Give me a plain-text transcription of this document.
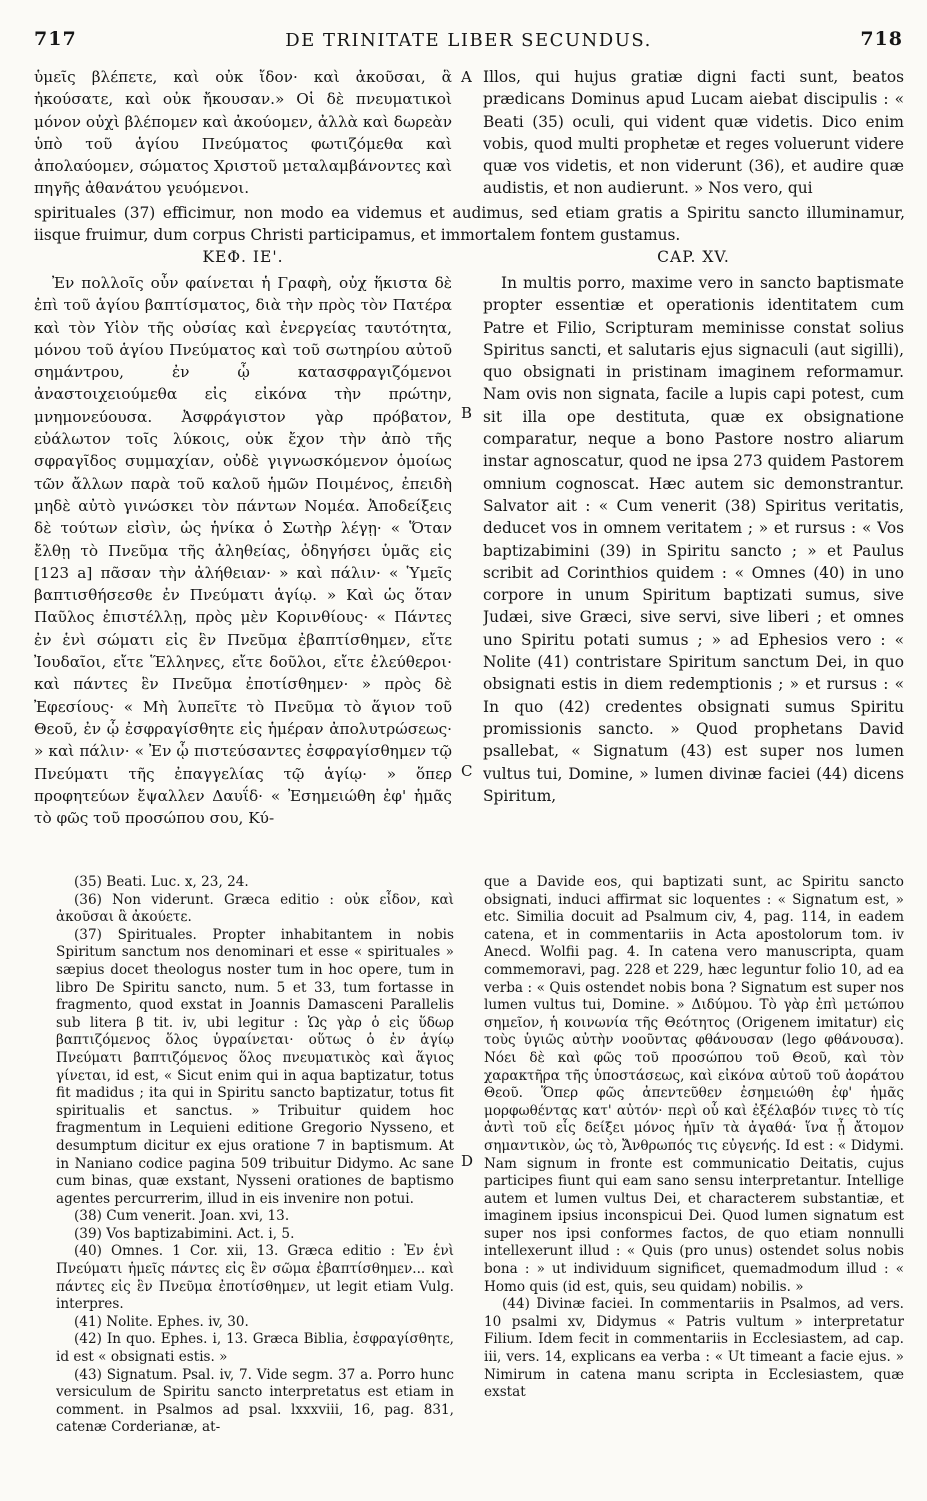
717	DE TRINITATE LIBER SECUNDUS.	718

ὑμεῖς βλέπετε, καὶ οὐκ ἴδον· καὶ ἀκοῦσαι, ἃ ἠκούσατε, καὶ οὐκ ἤκουσαν.» Οἱ δὲ πνευματικοὶ μόνον οὐχὶ βλέπομεν καὶ ἀκούομεν, ἀλλὰ καὶ δωρεὰν ὑπὸ τοῦ ἁγίου Πνεύματος φωτιζόμεθα καὶ ἀπολαύομεν, σώματος Χριστοῦ μεταλαμβάνοντες καὶ πηγῆς ἀθανάτου γευόμενοι.

Illos, qui hujus gratiæ digni facti sunt, beatos prædicans Dominus apud Lucam aiebat discipulis : « Beati (35) oculi, qui vident quæ videtis. Dico enim vobis, quod multi prophetæ et reges voluerunt videre quæ vos videtis, et non viderunt (36), et audire quæ audistis, et non audierunt. » Nos vero, qui

spirituales (37) efficimur, non modo ea videmus et audimus, sed etiam gratis a Spiritu sancto illuminamur, iisque fruimur, dum corpus Christi participamus, et immortalem fontem gustamus.
ΚΕΦ. ΙΕ'.	CAP. XV.

Ἐν πολλοῖς οὖν φαίνεται ἡ Γραφὴ, οὐχ ἥκιστα δὲ ἐπὶ τοῦ ἁγίου βαπτίσματος, διὰ τὴν πρὸς τὸν Πατέρα καὶ τὸν Υἱὸν τῆς οὐσίας καὶ ἐνεργείας ταυτότητα, μόνου τοῦ ἁγίου Πνεύματος καὶ τοῦ σωτηρίου αὐτοῦ σημάντρου, ἐν ᾧ κατασφραγιζόμενοι ἀναστοιχειούμεθα εἰς εἰκόνα τὴν πρώτην, μνημονεύουσα. Ἀσφράγιστον γὰρ πρόβατον, εὐάλωτον τοῖς λύκοις, οὐκ ἔχον τὴν ἀπὸ τῆς σφραγῖδος συμμαχίαν, οὐδὲ γιγνωσκόμενον ὁμοίως τῶν ἄλλων παρὰ τοῦ καλοῦ ἡμῶν Ποιμένος, ἐπειδὴ μηδὲ αὐτὸ γινώσκει τὸν πάντων Νομέα. Ἀποδείξεις δὲ τούτων εἰσὶν, ὡς ἡνίκα ὁ Σωτὴρ λέγῃ· « Ὅταν ἔλθῃ τὸ Πνεῦμα τῆς ἀληθείας, ὁδηγήσει ὑμᾶς εἰς [123 a] πᾶσαν τὴν ἀλήθειαν· » καὶ πάλιν· « Ὑμεῖς βαπτισθήσεσθε ἐν Πνεύματι ἁγίῳ. » Καὶ ὡς ὅταν Παῦλος ἐπιστέλλῃ, πρὸς μὲν Κορινθίους· « Πάντες ἐν ἑνὶ σώματι εἰς ἓν Πνεῦμα ἐβαπτίσθημεν, εἴτε Ἰουδαῖοι, εἴτε Ἕλληνες, εἴτε δοῦλοι, εἴτε ἐλεύθεροι· καὶ πάντες ἓν Πνεῦμα ἐποτίσθημεν· » πρὸς δὲ Ἐφεσίους· « Μὴ λυπεῖτε τὸ Πνεῦμα τὸ ἅγιον τοῦ Θεοῦ, ἐν ᾧ ἐσφραγίσθητε εἰς ἡμέραν ἀπολυτρώσεως· » καὶ πάλιν· « Ἐν ᾧ πιστεύσαντες ἐσφραγίσθημεν τῷ Πνεύματι τῆς ἐπαγγελίας τῷ ἁγίῳ· » ὅπερ προφητεύων ἔψαλλεν Δαυΐδ· « Ἐσημειώθη ἐφ' ἡμᾶς τὸ φῶς τοῦ προσώπου σου, Κύ-

In multis porro, maxime vero in sancto baptismate propter essentiæ et operationis identitatem cum Patre et Filio, Scripturam meminisse constat solius Spiritus sancti, et salutaris ejus signaculi (aut sigilli), quo obsignati in pristinam imaginem reformamur. Nam ovis non signata, facile a lupis capi potest, cum sit illa ope destituta, quæ ex obsignatione comparatur, neque a bono Pastore nostro aliarum instar agnoscatur, quod ne ipsa 273 quidem Pastorem omnium cognoscat. Hæc autem sic demonstrantur. Salvator ait : « Cum venerit (38) Spiritus veritatis, deducet vos in omnem veritatem ; » et rursus : « Vos baptizabimini (39) in Spiritu sancto ; » et Paulus scribit ad Corinthios quidem : « Omnes (40) in uno corpore in unum Spiritum baptizati sumus, sive Judæi, sive Græci, sive servi, sive liberi ; et omnes uno Spiritu potati sumus ; » ad Ephesios vero : « Nolite (41) contristare Spiritum sanctum Dei, in quo obsignati estis in diem redemptionis ; » et rursus : « In quo (42) credentes obsignati sumus Spiritu promissionis sancto. » Quod prophetans David psallebat, « Signatum (43) est super nos lumen vultus tui, Domine, » lumen divinæ faciei (44) dicens Spiritum,

A
B
C
D

(35) Beati. Luc. x, 23, 24.

(36) Non viderunt. Græca editio : οὐκ εἶδον, καὶ ἀκοῦσαι ἃ ἀκούετε.

(37) Spirituales. Propter inhabitantem in nobis Spiritum sanctum nos denominari et esse « spirituales » sæpius docet theologus noster tum in hoc opere, tum in libro De Spiritu sancto, num. 5 et 33, tum fortasse in fragmento, quod exstat in Joannis Damasceni Parallelis sub litera β tit. iv, ubi legitur : Ὡς γὰρ ὁ εἰς ὕδωρ βαπτιζόμενος ὅλος ὑγραίνεται· οὕτως ὁ ἐν ἁγίῳ Πνεύματι βαπτιζόμενος ὅλος πνευματικὸς καὶ ἅγιος γίνεται, id est, « Sicut enim qui in aqua baptizatur, totus fit madidus ; ita qui in Spiritu sancto baptizatur, totus fit spiritualis et sanctus. » Tribuitur quidem hoc fragmentum in Lequieni editione Gregorio Nysseno, et desumptum dicitur ex ejus oratione 7 in baptismum. At in Naniano codice pagina 509 tribuitur Didymo. Ac sane cum binas, quæ exstant, Nysseni orationes de baptismo agentes percurrerim, illud in eis invenire non potui.

(38) Cum venerit. Joan. xvi, 13.

(39) Vos baptizabimini. Act. i, 5.

(40) Omnes. 1 Cor. xii, 13. Græca editio : Ἐν ἑνὶ Πνεύματι ἡμεῖς πάντες εἰς ἓν σῶμα ἐβαπτίσθημεν... καὶ πάντες εἰς ἓν Πνεῦμα ἐποτίσθημεν, ut legit etiam Vulg. interpres.

(41) Nolite. Ephes. iv, 30.

(42) In quo. Ephes. i, 13. Græca Biblia, ἐσφραγίσθητε, id est « obsignati estis. »

(43) Signatum. Psal. iv, 7. Vide segm. 37 a. Porro hunc versiculum de Spiritu sancto interpretatus est etiam in comment. in Psalmos ad psal. lxxxviii, 16, pag. 831, catenæ Corderianæ, at-

que a Davide eos, qui baptizati sunt, ac Spiritu sancto obsignati, induci affirmat sic loquentes : « Signatum est, » etc. Similia docuit ad Psalmum civ, 4, pag. 114, in eadem catena, et in commentariis in Acta apostolorum tom. iv Anecd. Wolfii pag. 4. In catena vero manuscripta, quam commemoravi, pag. 228 et 229, hæc leguntur folio 10, ad ea verba : « Quis ostendet nobis bona ? Signatum est super nos lumen vultus tui, Domine. » Διδύμου. Τὸ γὰρ ἐπὶ μετώπου σημεῖον, ἡ κοινωνία τῆς Θεότητος (Origenem imitatur) εἰς τοὺς ὑγιῶς αὐτὴν νοοῦντας φθάνουσαν (lego φθάνουσα). Νόει δὲ καὶ φῶς τοῦ προσώπου τοῦ Θεοῦ, καὶ τὸν χαρακτῆρα τῆς ὑποστάσεως, καὶ εἰκόνα αὐτοῦ τοῦ ἀοράτου Θεοῦ. Ὅπερ φῶς ἀπεντεῦθεν ἐσημειώθη ἐφ' ἡμᾶς μορφωθέντας κατ' αὐτόν· περὶ οὗ καὶ ἐξέλαβόν τινες τὸ τίς ἀντὶ τοῦ εἷς δείξει μόνος ἡμῖν τὰ ἀγαθά· ἵνα ᾖ ἄτομον σημαντικὸν, ὡς τὸ, Ἄνθρωπός τις εὐγενής. Id est : « Didymi. Nam signum in fronte est communicatio Deitatis, cujus participes fiunt qui eam sano sensu interpretantur. Intellige autem et lumen vultus Dei, et characterem substantiæ, et imaginem ipsius inconspicui Dei. Quod lumen signatum est super nos ipsi conformes factos, de quo etiam nonnulli intellexerunt illud : « Quis (pro unus) ostendet solus nobis bona : » ut individuum significet, quemadmodum illud : « Homo quis (id est, quis, seu quidam) nobilis. »

(44) Divinæ faciei. In commentariis in Psalmos, ad vers. 10 psalmi xv, Didymus « Patris vultum » interpretatur Filium. Idem fecit in commentariis in Ecclesiastem, ad cap. iii, vers. 14, explicans ea verba : « Ut timeant a facie ejus. » Nimirum in catena manu scripta in Ecclesiastem, quæ exstat
